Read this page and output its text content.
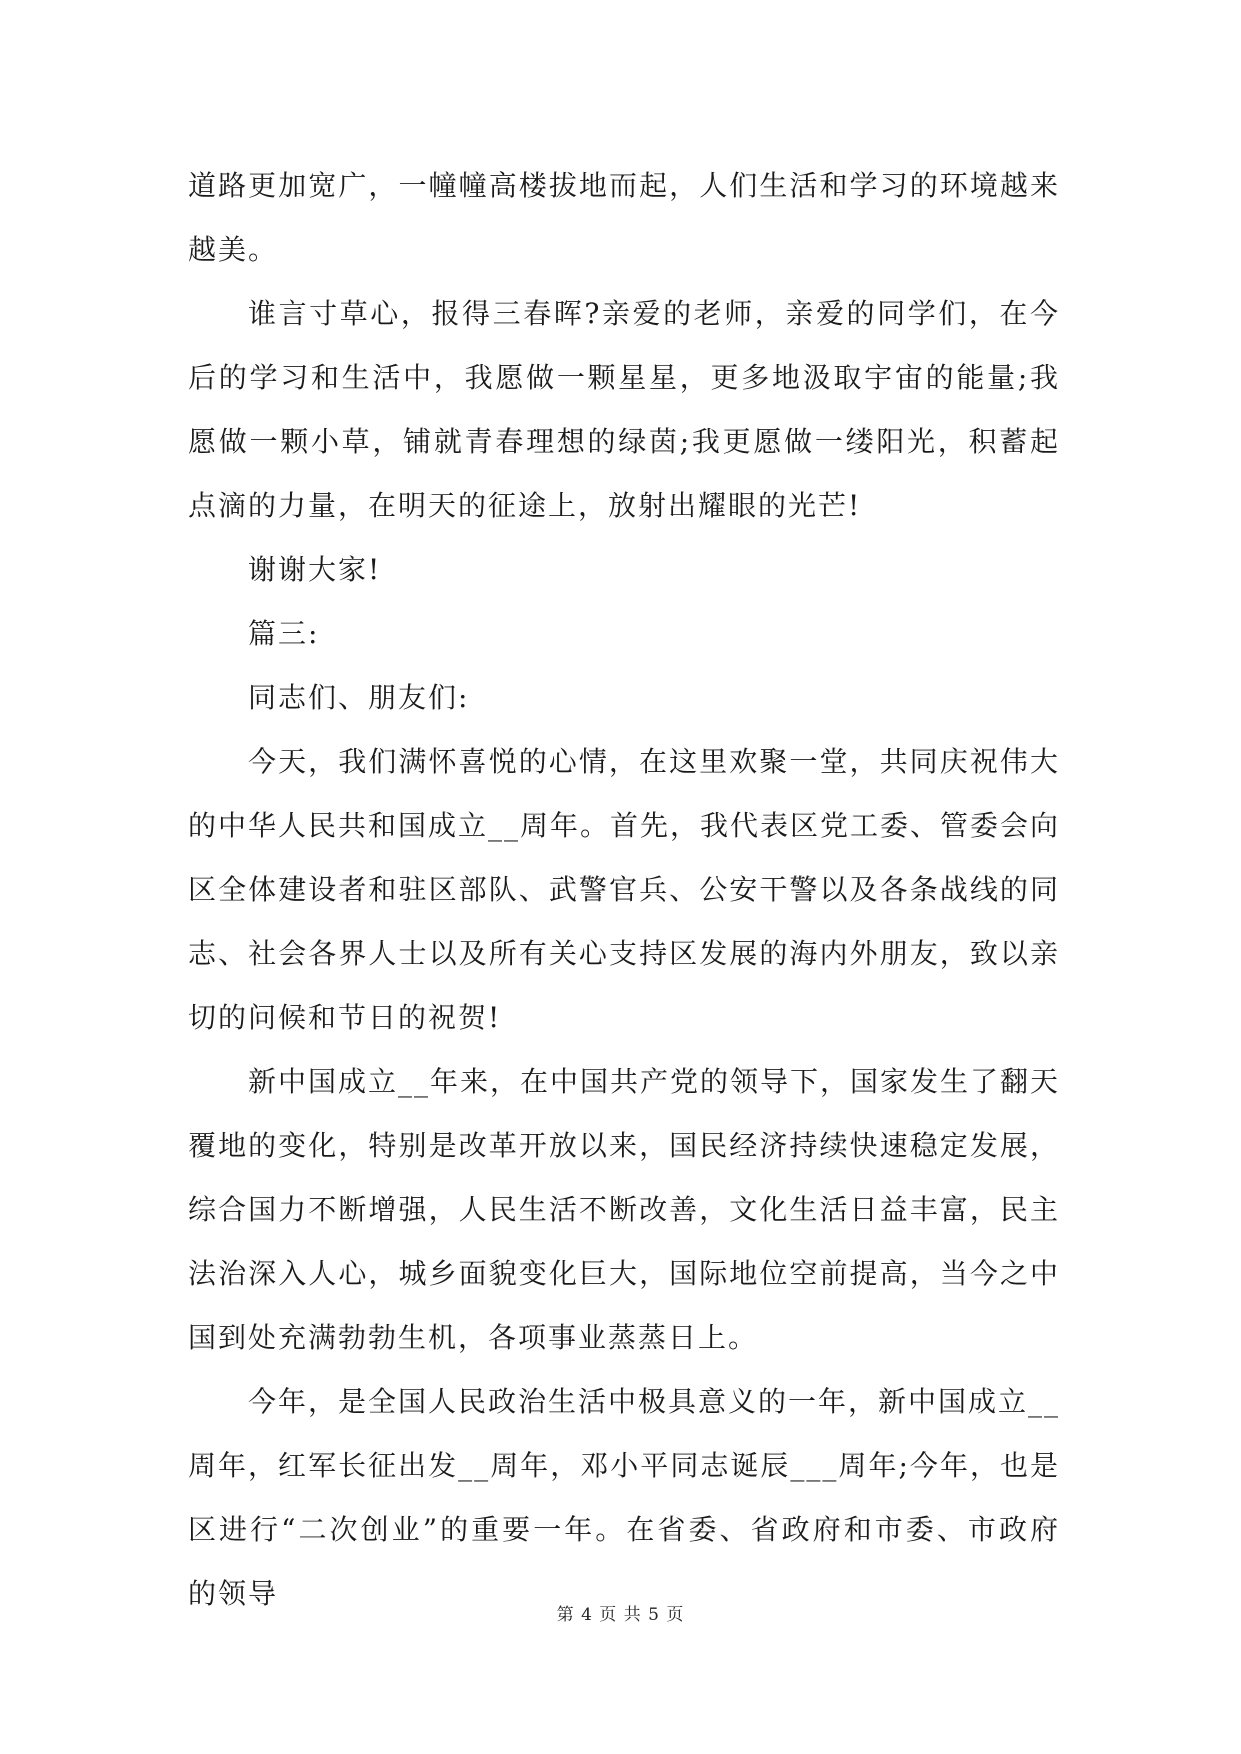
道路更加宽广，一幢幢高楼拔地而起，人们生活和学习的环境越来越美。

谁言寸草心，报得三春晖?亲爱的老师，亲爱的同学们，在今后的学习和生活中，我愿做一颗星星，更多地汲取宇宙的能量;我愿做一颗小草，铺就青春理想的绿茵;我更愿做一缕阳光，积蓄起点滴的力量，在明天的征途上，放射出耀眼的光芒!

谢谢大家!

篇三:

同志们、朋友们:

今天，我们满怀喜悦的心情，在这里欢聚一堂，共同庆祝伟大的中华人民共和国成立__周年。首先，我代表区党工委、管委会向区全体建设者和驻区部队、武警官兵、公安干警以及各条战线的同志、社会各界人士以及所有关心支持区发展的海内外朋友，致以亲切的问候和节日的祝贺!

新中国成立__年来，在中国共产党的领导下，国家发生了翻天覆地的变化，特别是改革开放以来，国民经济持续快速稳定发展，综合国力不断增强，人民生活不断改善，文化生活日益丰富，民主法治深入人心，城乡面貌变化巨大，国际地位空前提高，当今之中国到处充满勃勃生机，各项事业蒸蒸日上。

今年，是全国人民政治生活中极具意义的一年，新中国成立__周年，红军长征出发__周年，邓小平同志诞辰___周年;今年，也是区进行“二次创业”的重要一年。在省委、省政府和市委、市政府的领导

第 4 页 共 5 页
